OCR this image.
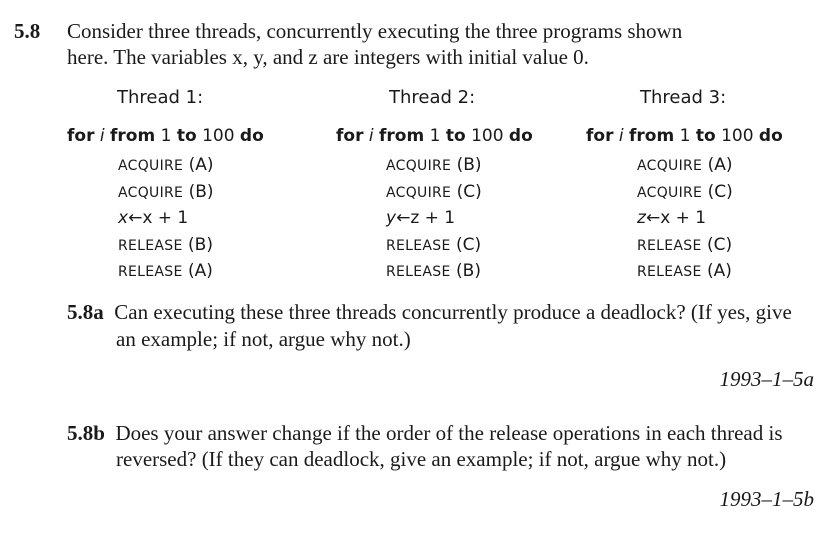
5.8 Consider three threads, concurrently executing the three programs shown
here. The variables x, y, and z are integers with initial value 0.
Thread 1:
for i from 1 to 100 do
ACQUIRE (A)
ACQUIRE (B)
x←x + 1
RELEASE (B)
RELEASE (A)
Thread 2:
for i from 1 to 100 do
ACQUIRE (B)
ACQUIRE (C)
y←z + 1
RELEASE (C)
RELEASE (B)
Thread 3:
for i from 1 to 100 do
ACQUIRE (A)
ACQUIRE (C)
z←x + 1
RELEASE (C)
RELEASE (A)
5.8a Can executing these three threads concurrently produce a deadlock? (If yes, give
an example; if not, argue why not.)
1993–1–5a
5.8b Does your answer change if the order of the release operations in each thread is
reversed? (If they can deadlock, give an example; if not, argue why not.)
1993–1–5b
